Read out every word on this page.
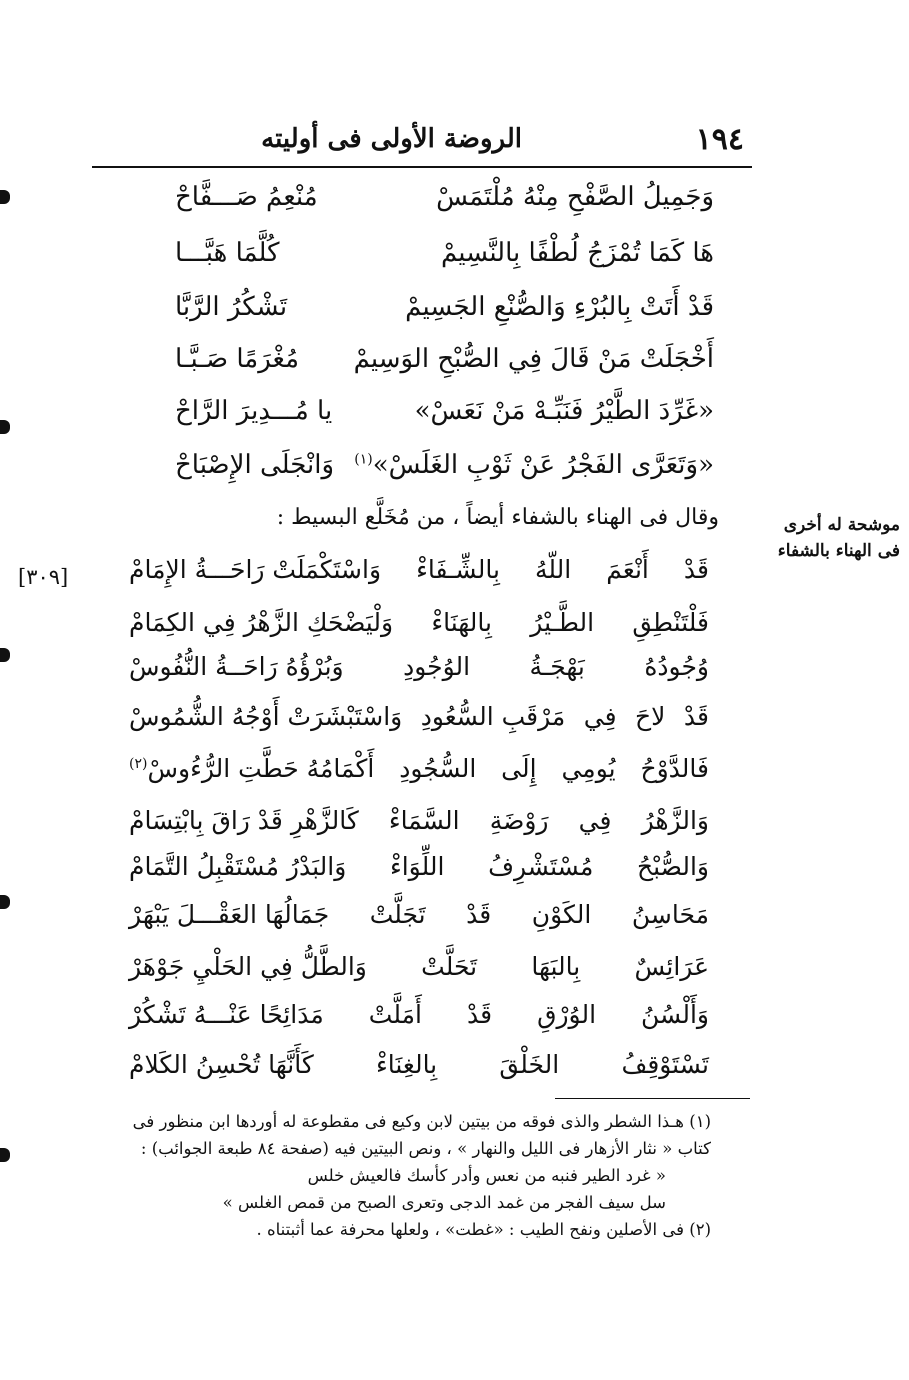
١٩٤
الروضة الأولى فى أوليته
وَجَمِيلُ الصَّفْحِ مِنْهُ مُلْتَمَسْ
مُنْعِمُ صَـــفَّاحْ
هَا كَمَا تُمْزَجُ لُطْفًا بِالنَّسِيمْ
كُلَّمَا هَبَّـــا
قَدْ أَتَتْ بِالبُرْءِ وَالصُّنْعِ الجَسِيمْ
تَشْكُرُ الرَّبَّا
أَخْجَلَتْ مَنْ قَالَ فِي الصُّبْحِ الوَسِيمْ
مُغْرَمًا صَـبَّـا
«غَرِّدَ الطَّيْرُ فَنَبِّـهْ مَنْ نَعَسْ»
يا مُـــدِيرَ الرَّاحْ
«وَتَعَرَّى الفَجْرُ عَنْ ثَوْبِ الغَلَسْ»$^{(١)}$
وَانْجَلَى الإِصْبَاحْ
وقال فى الهناء بالشفاء أيضاً ، من مُخَلَّع البسيط :	موشحة له أخرى فى الهناء بالشفاء
[٣٠٩]	قَدْ
أَنْعَمَ
اللّهُ
بِالشِّـفَاءْ
وَاسْتَكْمَلَتْ رَاحَـــةُ الإِمَامْ
فَلْتَنْطِقِ
الطَّـيْرُ
بِالهَنَاءْ
وَلْيَضْحَكِ الزَّهْرُ فِي الكِمَامْ
وُجُودُهُ
بَهْجَـةُ
الوُجُودِ
وَبُرْؤُهُ رَاحَــةُ النُّفُوسْ
قَدْ
لاحَ
فِي
مَرْقَبِ السُّعُودِ
وَاسْتَبْشَرَتْ أَوْجُهُ الشُّمُوسْ
فَالدَّوْحُ
يُومِي
إِلَى
السُّجُودِ
أَكْمَامُهُ حَطَّتِ الرُّءُوسْ(٢)
وَالزَّهْرُ
فِي
رَوْضَةِ
السَّمَاءْ
كَالزَّهْرِ قَدْ رَاقَ بِابْتِسَامْ
وَالصُّبْحُ
مُسْتَشْرِفُ
اللِّوَاءْ
وَالبَدْرُ مُسْتَقْبِلُ التَّمَامْ
مَحَاسِنُ
الكَوْنِ
قَدْ
تَجَلَّتْ
جَمَالُهَا العَقْـــلَ يَبْهَرْ
عَرَائِسٌ
بِالبَهَا
تَحَلَّتْ
وَالطَّلُّ فِي الحَلْيِ جَوْهَرْ
وَأَلْسُنُ
الوُرْقِ
قَدْ
أَمَلَّتْ
مَدَائِحًا عَنْـــهُ تَشْكُرْ
تَسْتَوْقِفُ
الخَلْقَ
بِالغِنَاءْ
كَأَنَّهَا تُحْسِنُ الكَلامْ
(١) هـذا الشطر والذى فوقه من بيتين لابن وكيع فى مقطوعة له أوردها ابن منظور فى
كتاب « نثار الأزهار فى الليل والنهار » ، ونص البيتين فيه (صفحة ٨٤ طبعة الجوائب) :
« غرد الطير فنبه من نعس وأدر كأسك فالعيش خلس
سل سيف الفجر من غمد الدجى وتعرى الصبح من قمص الغلس »
(٢) فى الأصلين ونفح الطيب : «غطت» ، ولعلها محرفة عما أثبتناه .
